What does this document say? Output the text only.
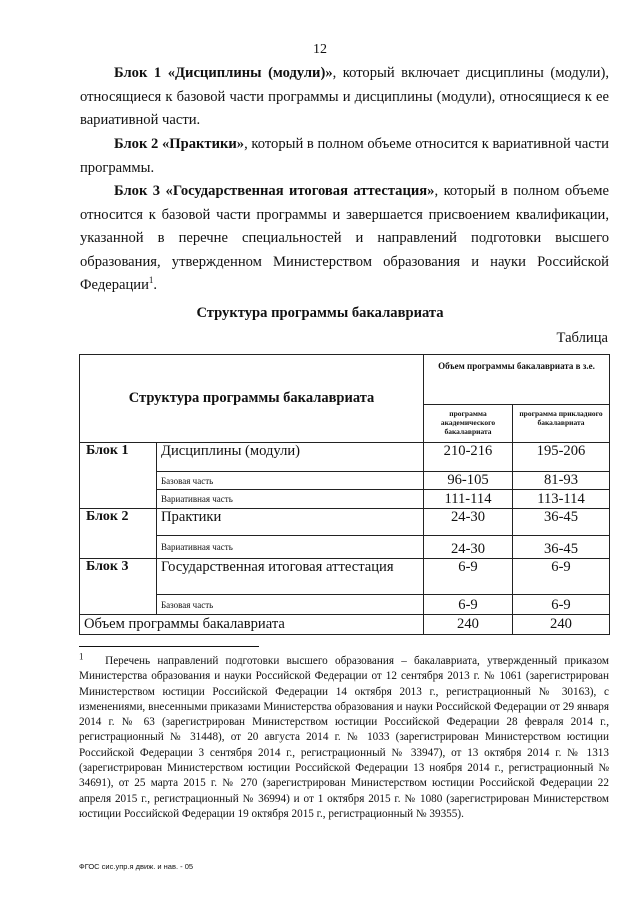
12

Блок 1 «Дисциплины (модули)», который включает дисциплины (модули), относящиеся к базовой части программы и дисциплины (модули), относящиеся к ее вариативной части.

Блок 2 «Практики», который в полном объеме относится к вариативной части программы.

Блок 3 «Государственная итоговая аттестация», который в полном объеме относится к базовой части программы и завершается присвоением квалификации, указанной в перечне специальностей и направлений подготовки высшего образования, утвержденном Министерством образования и науки Российской Федерации$^1$.

Структура программы бакалавриата
Таблица
Структура программы бакалавриата		Объем программы бакалавриата в з.е.	
		программа академического бакалавриата	программа прикладного бакалавриата
Блок 1	Дисциплины (модули)	210-216	195-206
	Базовая часть	96-105	81-93
	Вариативная часть	111-114	113-114
Блок 2	Практики	24-30	36-45
	Вариативная часть	24-30	36-45
Блок 3	Государственная итоговая аттестация	6-9	6-9
	Базовая часть	6-9	6-9
Объем программы бакалавриата		240	240

$^1$ Перечень направлений подготовки высшего образования – бакалавриата, утвержденный приказом Министерства образования и науки Российской Федерации от 12 сентября 2013 г. № 1061 (зарегистрирован Министерством юстиции Российской Федерации 14 октября 2013 г., регистрационный № 30163), с изменениями, внесенными приказами Министерства образования и науки Российской Федерации от 29 января 2014 г. № 63 (зарегистрирован Министерством юстиции Российской Федерации 28 февраля 2014 г., регистрационный № 31448), от 20 августа 2014 г. № 1033 (зарегистрирован Министерством юстиции Российской Федерации 3 сентября 2014 г., регистрационный № 33947), от 13 октября 2014 г. № 1313 (зарегистрирован Министерством юстиции Российской Федерации 13 ноября 2014 г., регистрационный № 34691), от 25 марта 2015 г. № 270 (зарегистрирован Министерством юстиции Российской Федерации 22 апреля 2015 г., регистрационный № 36994) и от 1 октября 2015 г. № 1080 (зарегистрирован Министерством юстиции Российской Федерации 19 октября 2015 г., регистрационный № 39355).

ФГОС сис.упр.я движ. и нав. - 05
